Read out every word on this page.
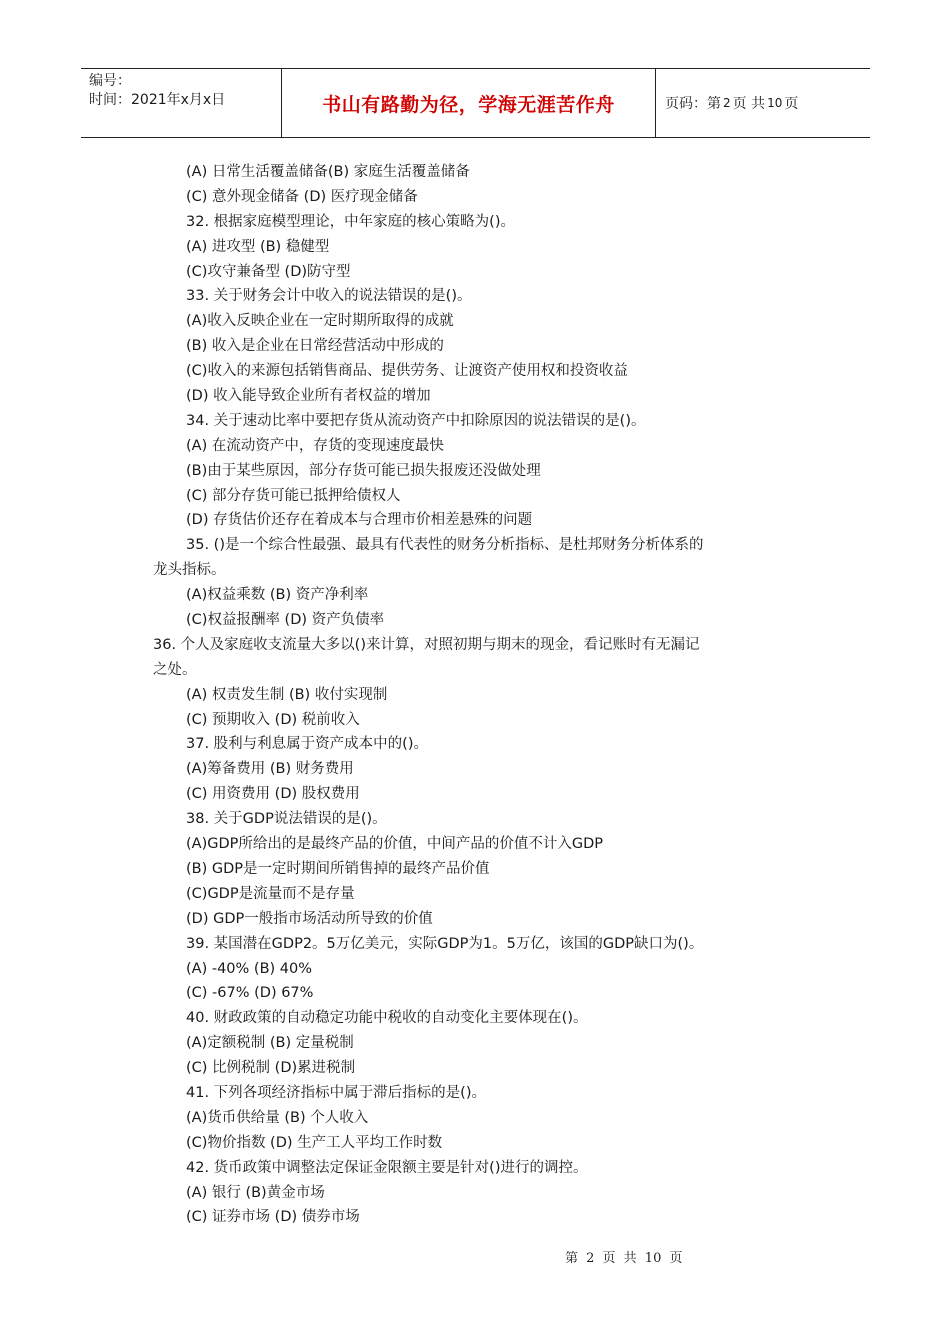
编号：
时间：2021年x月x日	书山有路勤为径，学海无涯苦作舟	页码：第 2 页 共 10 页
(A) 日常生活覆盖储备(B) 家庭生活覆盖储备
(C) 意外现金储备 (D) 医疗现金储备
32. 根据家庭模型理论，中年家庭的核心策略为()。
(A) 进攻型 (B) 稳健型
(C)攻守兼备型 (D)防守型
33. 关于财务会计中收入的说法错误的是()。
(A)收入反映企业在一定时期所取得的成就
(B) 收入是企业在日常经营活动中形成的
(C)收入的来源包括销售商品、提供劳务、让渡资产使用权和投资收益
(D) 收入能导致企业所有者权益的增加
34. 关于速动比率中要把存货从流动资产中扣除原因的说法错误的是()。
(A) 在流动资产中，存货的变现速度最快
(B)由于某些原因，部分存货可能已损失报废还没做处理
(C) 部分存货可能已抵押给债权人
(D) 存货估价还存在着成本与合理市价相差悬殊的问题
35. ()是一个综合性最强、最具有代表性的财务分析指标、是杜邦财务分析体系的
龙头指标。
(A)权益乘数 (B) 资产净利率
(C)权益报酬率 (D) 资产负债率
36. 个人及家庭收支流量大多以()来计算，对照初期与期末的现金，看记账时有无漏记
之处。
(A) 权责发生制 (B) 收付实现制
(C) 预期收入 (D) 税前收入
37. 股利与利息属于资产成本中的()。
(A)筹备费用 (B) 财务费用
(C) 用资费用 (D) 股权费用
38. 关于GDP说法错误的是()。
(A)GDP所给出的是最终产品的价值，中间产品的价值不计入GDP
(B) GDP是一定时期间所销售掉的最终产品价值
(C)GDP是流量而不是存量
(D) GDP一般指市场活动所导致的价值
39. 某国潜在GDP2。5万亿美元，实际GDP为1。5万亿，该国的GDP缺口为()。
(A) -40% (B) 40%
(C) -67% (D) 67%
40. 财政政策的自动稳定功能中税收的自动变化主要体现在()。
(A)定额税制 (B) 定量税制
(C) 比例税制 (D)累进税制
41. 下列各项经济指标中属于滞后指标的是()。
(A)货币供给量 (B) 个人收入
(C)物价指数 (D) 生产工人平均工作时数
42. 货币政策中调整法定保证金限额主要是针对()进行的调控。
(A) 银行 (B)黄金市场
(C) 证券市场 (D) 债券市场
第 2 页 共 10 页
